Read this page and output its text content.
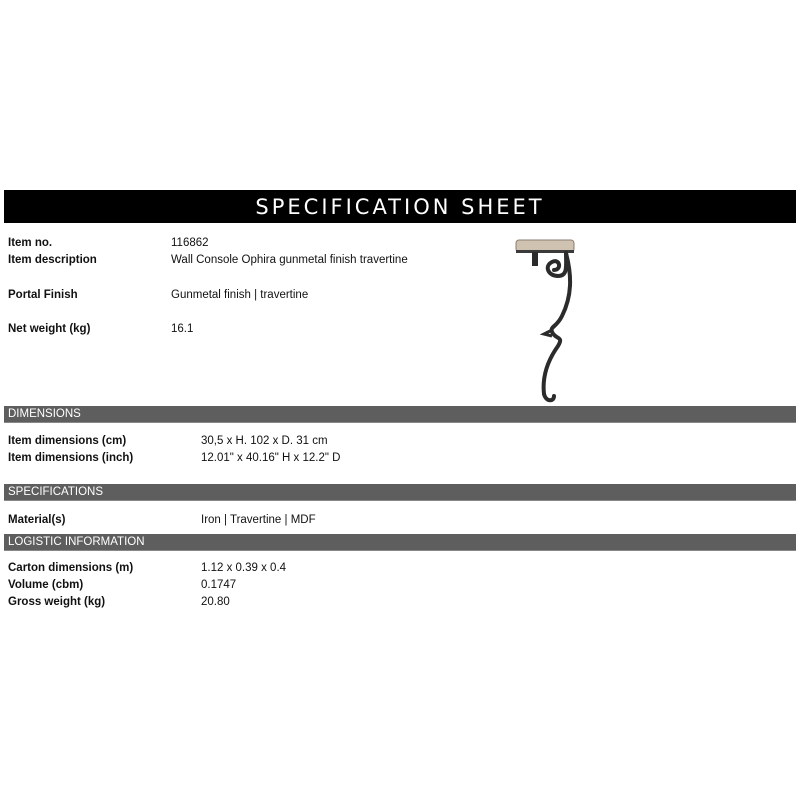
SPECIFICATION SHEET
Item no.	116862
Item description	Wall Console Ophira gunmetal finish travertine
Portal Finish	Gunmetal finish | travertine
Net weight (kg)	16.1
DIMENSIONS
Item dimensions (cm)	30,5 x H. 102 x D. 31 cm
Item dimensions (inch)	12.01" x 40.16" H x 12.2" D
SPECIFICATIONS
Material(s)	Iron | Travertine | MDF
LOGISTIC INFORMATION
Carton dimensions (m)	1.12 x 0.39 x 0.4
Volume (cbm)	0.1747
Gross weight (kg)	20.80
